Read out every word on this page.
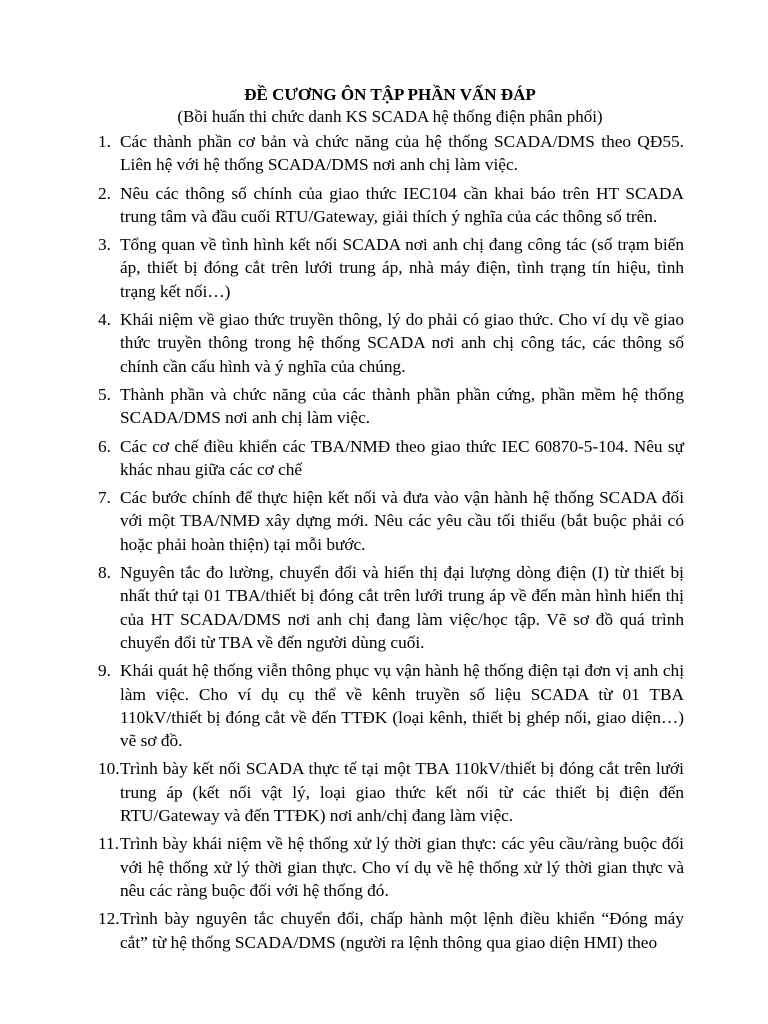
ĐỀ CƯƠNG ÔN TẬP PHẦN VẤN ĐÁP

(Bồi huấn thi chức danh KS SCADA hệ thống điện phân phối)

1. Các thành phần cơ bản và chức năng của hệ thống SCADA/DMS theo QĐ55. Liên hệ với hệ thống SCADA/DMS nơi anh chị làm việc.
2. Nêu các thông số chính của giao thức IEC104 cần khai báo trên HT SCADA trung tâm và đầu cuối RTU/Gateway, giải thích ý nghĩa của các thông số trên.
3. Tổng quan về tình hình kết nối SCADA nơi anh chị đang công tác (số trạm biến áp, thiết bị đóng cắt trên lưới trung áp, nhà máy điện, tình trạng tín hiệu, tình trạng kết nối…)
4. Khái niệm về giao thức truyền thông, lý do phải có giao thức. Cho ví dụ về giao thức truyền thông trong hệ thống SCADA nơi anh chị công tác, các thông số chính cần cấu hình và ý nghĩa của chúng.
5. Thành phần và chức năng của các thành phần phần cứng, phần mềm hệ thống SCADA/DMS nơi anh chị làm việc.
6. Các cơ chế điều khiển các TBA/NMĐ theo giao thức IEC 60870-5-104. Nêu sự khác nhau giữa các cơ chế
7. Các bước chính để thực hiện kết nối và đưa vào vận hành hệ thống SCADA đối với một TBA/NMĐ xây dựng mới. Nêu các yêu cầu tối thiểu (bắt buộc phải có hoặc phải hoàn thiện) tại mỗi bước.
8. Nguyên tắc đo lường, chuyển đổi và hiển thị đại lượng dòng điện (I) từ thiết bị nhất thứ tại 01 TBA/thiết bị đóng cắt trên lưới trung áp về đến màn hình hiển thị của HT SCADA/DMS nơi anh chị đang làm việc/học tập. Vẽ sơ đồ quá trình chuyển đổi từ TBA về đến người dùng cuối.
9. Khái quát hệ thống viễn thông phục vụ vận hành hệ thống điện tại đơn vị anh chị làm việc. Cho ví dụ cụ thể về kênh truyền số liệu SCADA từ 01 TBA 110kV/thiết bị đóng cắt về đến TTĐK (loại kênh, thiết bị ghép nối, giao diện…) vẽ sơ đồ.
10. Trình bày kết nối SCADA thực tế tại một TBA 110kV/thiết bị đóng cắt trên lưới trung áp (kết nối vật lý, loại giao thức kết nối từ các thiết bị điện đến RTU/Gateway và đến TTĐK) nơi anh/chị đang làm việc.
11. Trình bày khái niệm về hệ thống xử lý thời gian thực: các yêu cầu/ràng buộc đối với hệ thống xử lý thời gian thực. Cho ví dụ về hệ thống xử lý thời gian thực và nêu các ràng buộc đối với hệ thống đó.
12. Trình bày nguyên tắc chuyển đổi, chấp hành một lệnh điều khiển “Đóng máy cắt” từ hệ thống SCADA/DMS (người ra lệnh thông qua giao diện HMI) theo
